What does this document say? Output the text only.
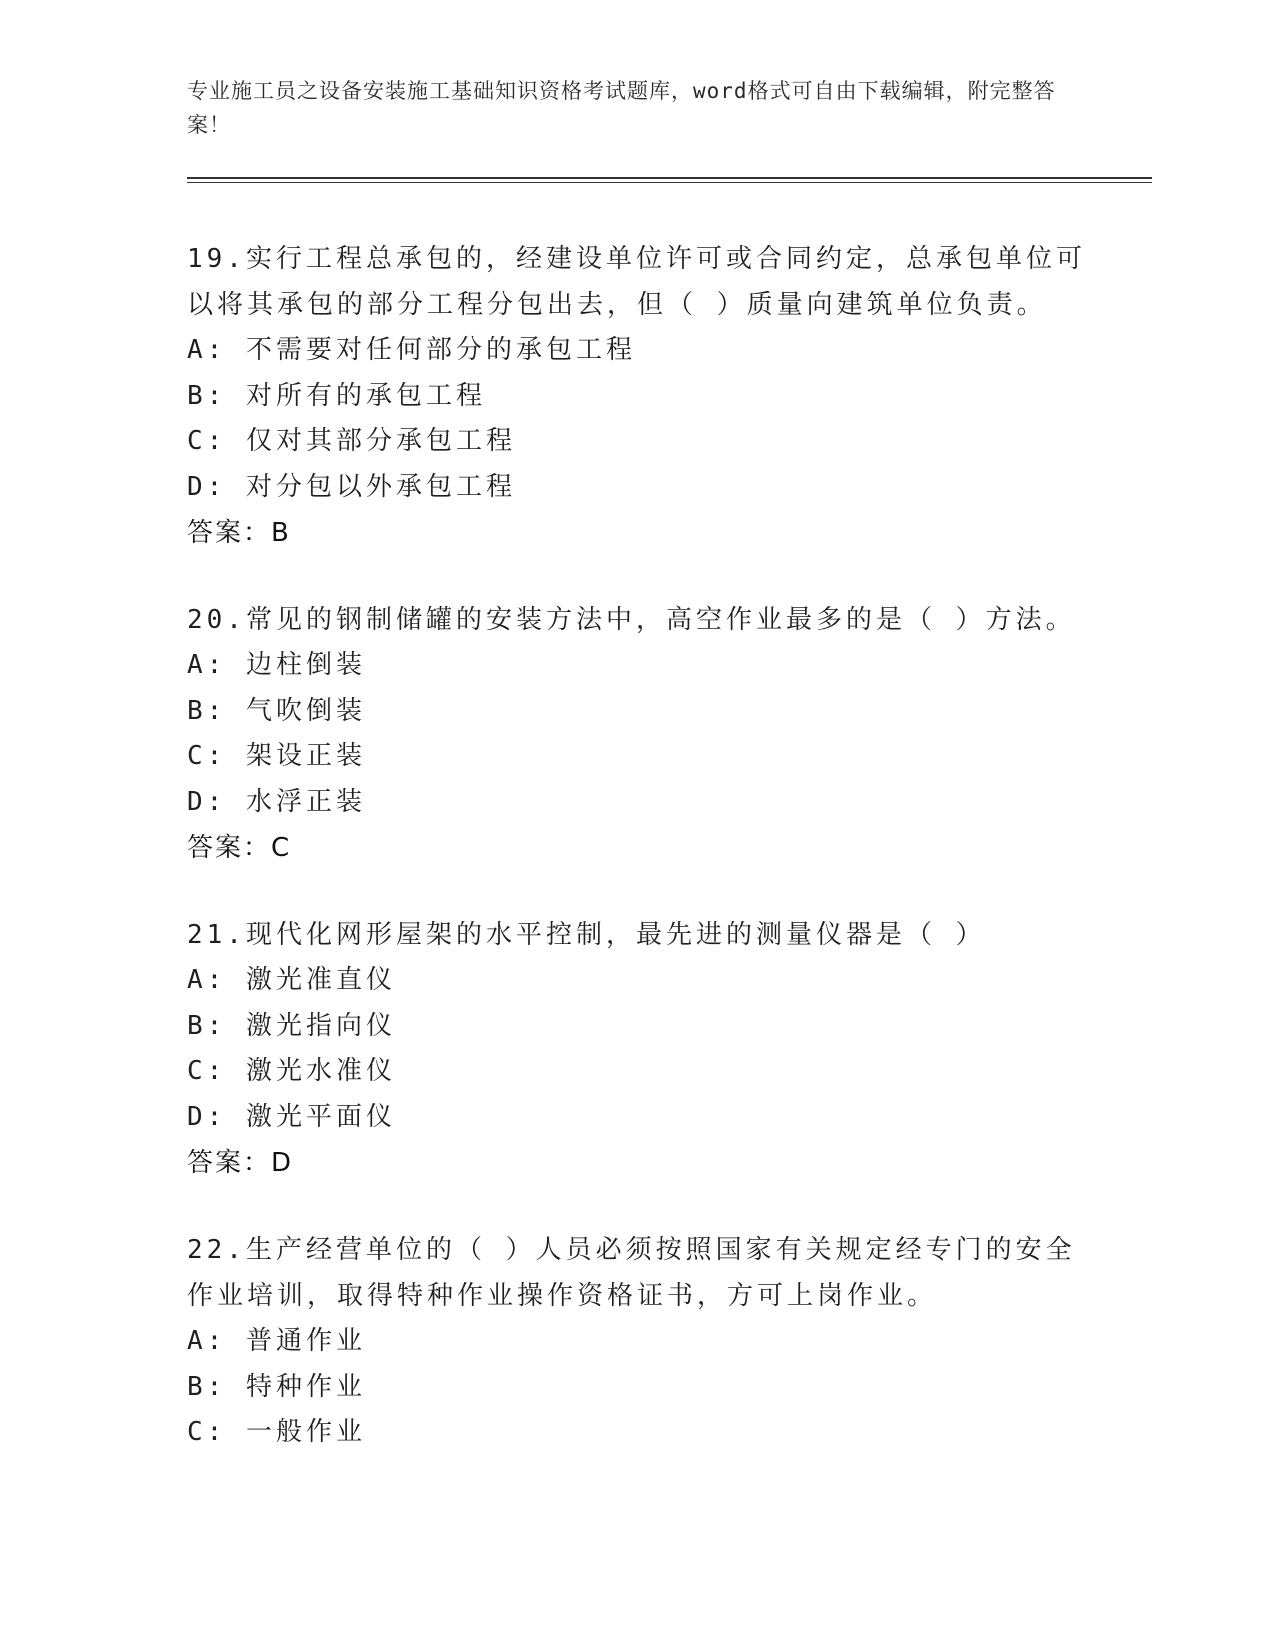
专业施工员之设备安装施工基础知识资格考试题库，word格式可自由下载编辑，附完整答案！

19.实行工程总承包的，经建设单位许可或合同约定，总承包单位可以将其承包的部分工程分包出去，但（ ）质量向建筑单位负责。

A: 不需要对任何部分的承包工程

B: 对所有的承包工程

C: 仅对其部分承包工程

D: 对分包以外承包工程

答案：B

20.常见的钢制储罐的安装方法中，高空作业最多的是（ ）方法。

A: 边柱倒装

B: 气吹倒装

C: 架设正装

D: 水浮正装

答案：C

21.现代化网形屋架的水平控制，最先进的测量仪器是（ ）

A: 激光准直仪

B: 激光指向仪

C: 激光水准仪

D: 激光平面仪

答案：D

22.生产经营单位的（ ）人员必须按照国家有关规定经专门的安全作业培训，取得特种作业操作资格证书，方可上岗作业。

A: 普通作业

B: 特种作业

C: 一般作业
